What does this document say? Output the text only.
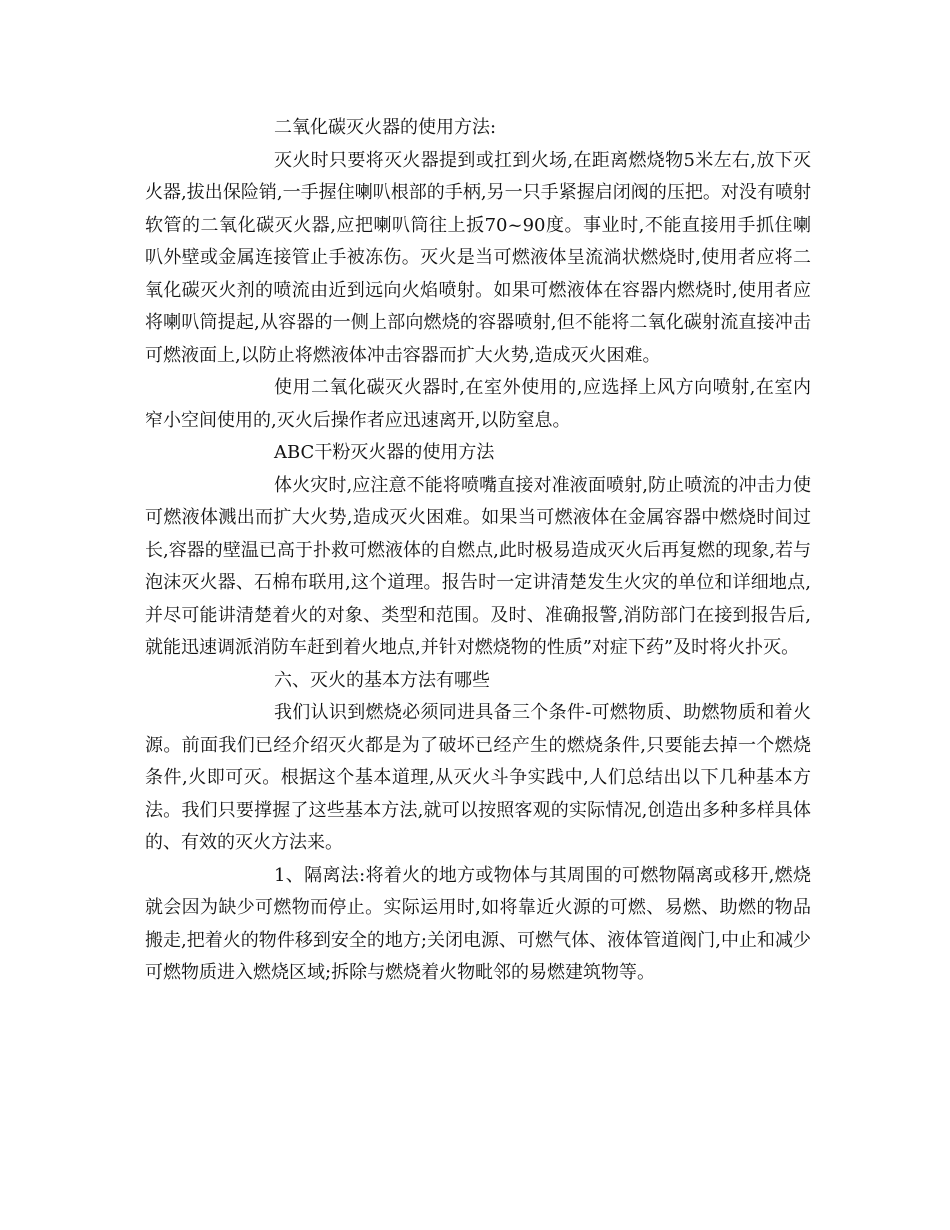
二氧化碳灭火器的使用方法:

灭火时只要将灭火器提到或扛到火场,在距离燃烧物5米左右,放下灭火器,拔出保险销,一手握住喇叭根部的手柄,另一只手紧握启闭阀的压把。对没有喷射软管的二氧化碳灭火器,应把喇叭筒往上扳70~90度。事业时,不能直接用手抓住喇叭外壁或金属连接管止手被冻伤。灭火是当可燃液体呈流淌状燃烧时,使用者应将二氧化碳灭火剂的喷流由近到远向火焰喷射。如果可燃液体在容器内燃烧时,使用者应将喇叭筒提起,从容器的一侧上部向燃烧的容器喷射,但不能将二氧化碳射流直接冲击可燃液面上,以防止将燃液体冲击容器而扩大火势,造成灭火困难。

使用二氧化碳灭火器时,在室外使用的,应选择上风方向喷射,在室内窄小空间使用的,灭火后操作者应迅速离开,以防窒息。

ABC干粉灭火器的使用方法

体火灾时,应注意不能将喷嘴直接对准液面喷射,防止喷流的冲击力使可燃液体溅出而扩大火势,造成灭火困难。如果当可燃液体在金属容器中燃烧时间过长,容器的壁温已高于扑救可燃液体的自燃点,此时极易造成灭火后再复燃的现象,若与泡沫灭火器、石棉布联用,这个道理。报告时一定讲清楚发生火灾的单位和详细地点,并尽可能讲清楚着火的对象、类型和范围。及时、准确报警,消防部门在接到报告后,就能迅速调派消防车赶到着火地点,并针对燃烧物的性质”对症下药”及时将火扑灭。

六、灭火的基本方法有哪些

我们认识到燃烧必须同进具备三个条件-可燃物质、助燃物质和着火源。前面我们已经介绍灭火都是为了破坏已经产生的燃烧条件,只要能去掉一个燃烧条件,火即可灭。根据这个基本道理,从灭火斗争实践中,人们总结出以下几种基本方法。我们只要撑握了这些基本方法,就可以按照客观的实际情况,创造出多种多样具体的、有效的灭火方法来。

1、隔离法:将着火的地方或物体与其周围的可燃物隔离或移开,燃烧就会因为缺少可燃物而停止。实际运用时,如将靠近火源的可燃、易燃、助燃的物品搬走,把着火的物件移到安全的地方;关闭电源、可燃气体、液体管道阀门,中止和减少可燃物质进入燃烧区域;拆除与燃烧着火物毗邻的易燃建筑物等。
